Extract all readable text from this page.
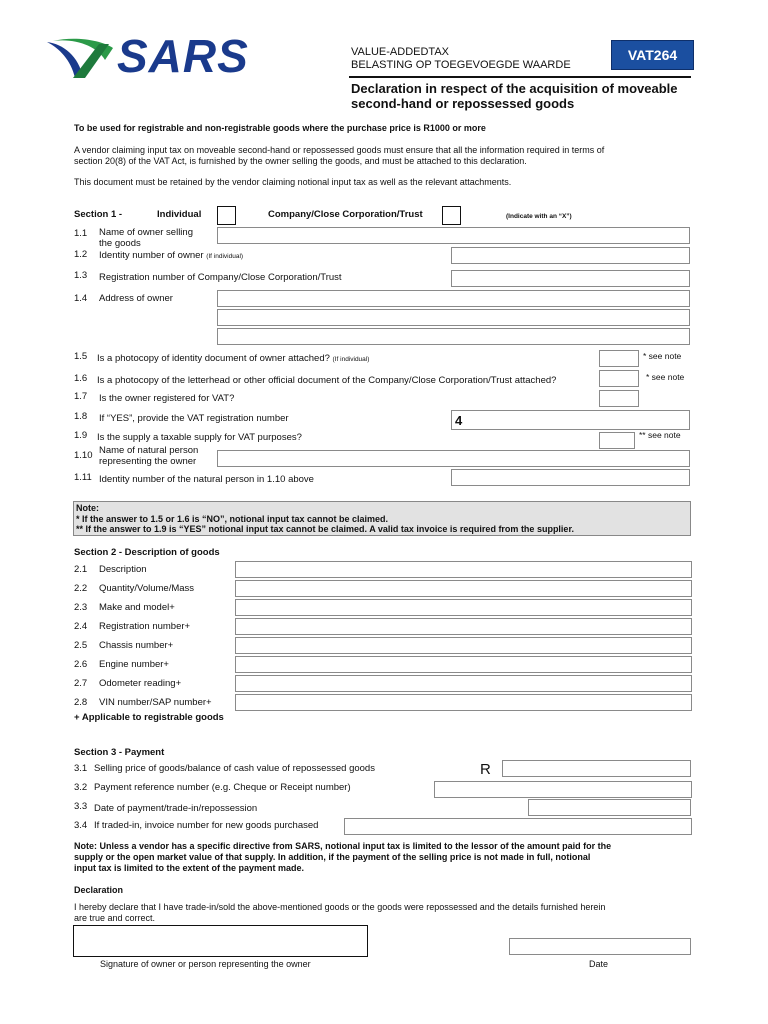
SARS	VALUE-ADDEDTAX
BELASTING OP TOEGEVOEGDE WAARDE
VAT264
Declaration in respect of the acquisition of moveable second-hand or repossessed goods
To be used for registrable and non-registrable goods where the purchase price is R1000 or more
A vendor claiming input tax on moveable second-hand or repossessed goods must ensure that all the information required in terms of
section 20(8) of the VAT Act, is furnished by the owner selling the goods, and must be attached to this declaration.
This document must be retained by the vendor claiming notional input tax as well as the relevant attachments.
Section 1 -	Individual	Company/Close Corporation/Trust	(Indicate with an “X”)
1.1 Name of owner selling
the goods
1.2 Identity number of owner (If individual)
1.3 Registration number of Company/Close Corporation/Trust
1.4 Address of owner
1.5 Is a photocopy of identity document of owner attached? (If individual)	* see note
1.6 Is a photocopy of the letterhead or other official document of the Company/Close Corporation/Trust attached?	* see note
1.7 Is the owner registered for VAT?
1.8 If “YES”, provide the VAT registration number	4
1.9 Is the supply a taxable supply for VAT purposes?	** see note
1.10 Name of natural person
representing the owner
1.11 Identity number of the natural person in 1.10 above
Note:
* If the answer to 1.5 or 1.6 is “NO”, notional input tax cannot be claimed.
** If the answer to 1.9 is “YES” notional input tax cannot be claimed. A valid tax invoice is required from the supplier.
Section 2 - Description of goods
2.1 Description
2.2 Quantity/Volume/Mass
2.3 Make and model+
2.4 Registration number+
2.5 Chassis number+
2.6 Engine number+
2.7 Odometer reading+
2.8 VIN number/SAP number+
+ Applicable to registrable goods
Section 3 - Payment
3.1 Selling price of goods/balance of cash value of repossessed goods	R
3.2 Payment reference number (e.g. Cheque or Receipt number)
3.3 Date of payment/trade-in/repossession
3.4 If traded-in, invoice number for new goods purchased
Note: Unless a vendor has a specific directive from SARS, notional input tax is limited to the lessor of the amount paid for the
supply or the open market value of that supply. In addition, if the payment of the selling price is not made in full, notional
input tax is limited to the extent of the payment made.
Declaration
I hereby declare that I have trade-in/sold the above-mentioned goods or the goods were repossessed and the details furnished herein
are true and correct.
Signature of owner or person representing the owner	Date
